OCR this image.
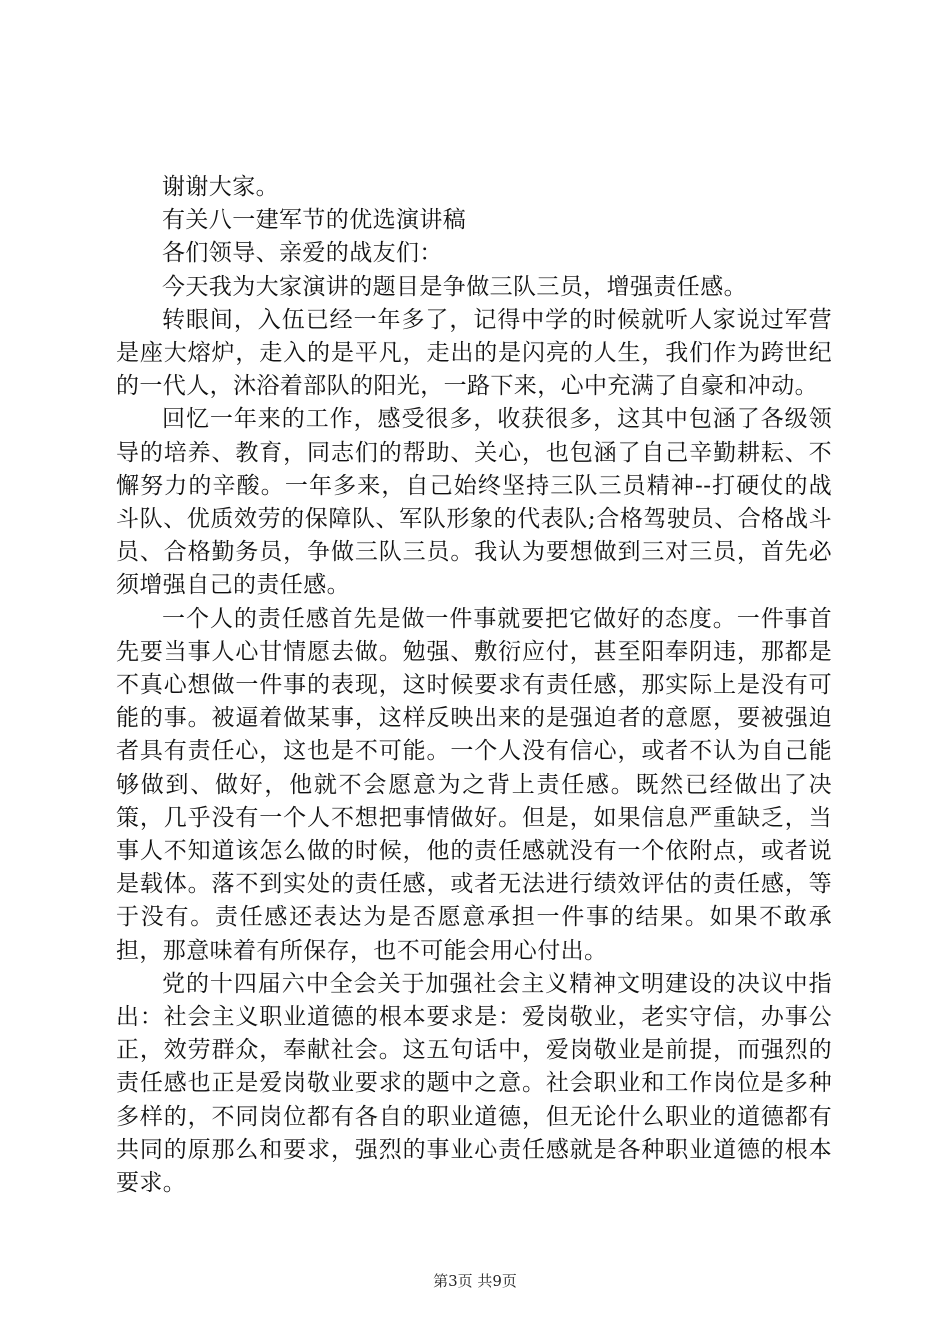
谢谢大家。

有关八一建军节的优选演讲稿

各们领导、亲爱的战友们：

今天我为大家演讲的题目是争做三队三员，增强责任感。

转眼间，入伍已经一年多了，记得中学的时候就听人家说过军营是座大熔炉，走入的是平凡，走出的是闪亮的人生，我们作为跨世纪的一代人，沐浴着部队的阳光，一路下来，心中充满了自豪和冲动。

回忆一年来的工作，感受很多，收获很多，这其中包涵了各级领导的培养、教育，同志们的帮助、关心，也包涵了自己辛勤耕耘、不懈努力的辛酸。一年多来，自己始终坚持三队三员精神--打硬仗的战斗队、优质效劳的保障队、军队形象的代表队;合格驾驶员、合格战斗员、合格勤务员，争做三队三员。我认为要想做到三对三员，首先必须增强自己的责任感。

一个人的责任感首先是做一件事就要把它做好的态度。一件事首先要当事人心甘情愿去做。勉强、敷衍应付，甚至阳奉阴违，那都是不真心想做一件事的表现，这时候要求有责任感，那实际上是没有可能的事。被逼着做某事，这样反映出来的是强迫者的意愿，要被强迫者具有责任心，这也是不可能。一个人没有信心，或者不认为自己能够做到、做好，他就不会愿意为之背上责任感。既然已经做出了决策，几乎没有一个人不想把事情做好。但是，如果信息严重缺乏，当事人不知道该怎么做的时候，他的责任感就没有一个依附点，或者说是载体。落不到实处的责任感，或者无法进行绩效评估的责任感，等于没有。责任感还表达为是否愿意承担一件事的结果。如果不敢承担，那意味着有所保存，也不可能会用心付出。

党的十四届六中全会关于加强社会主义精神文明建设的决议中指出：社会主义职业道德的根本要求是：爱岗敬业，老实守信，办事公正，效劳群众，奉献社会。这五句话中，爱岗敬业是前提，而强烈的责任感也正是爱岗敬业要求的题中之意。社会职业和工作岗位是多种多样的，不同岗位都有各自的职业道德，但无论什么职业的道德都有共同的原那么和要求，强烈的事业心责任感就是各种职业道德的根本要求。

第3页 共9页
